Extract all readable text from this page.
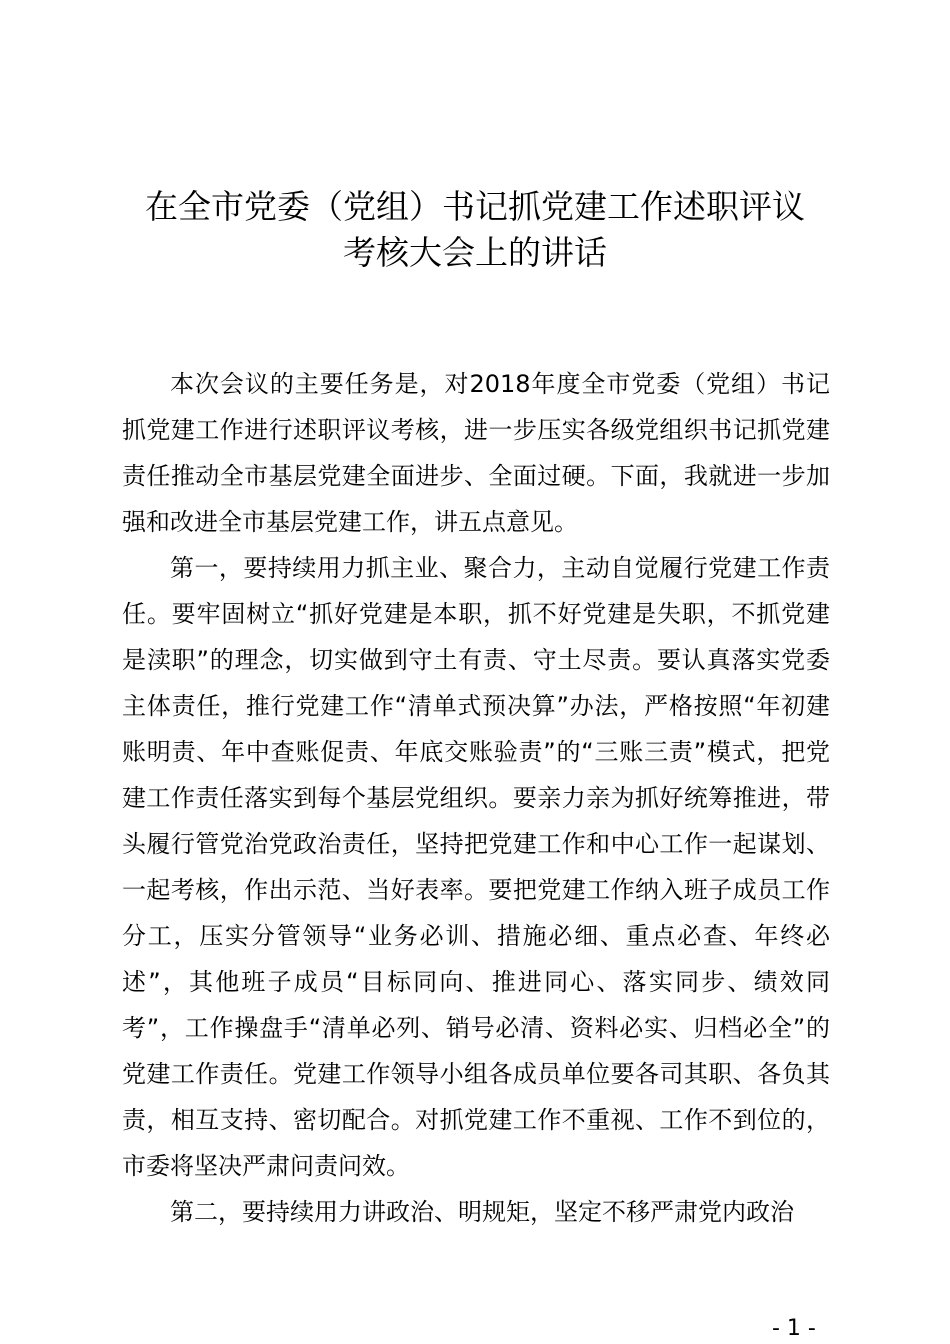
在全市党委（党组）书记抓党建工作述职评议
考核大会上的讲话

本次会议的主要任务是，对2018年度全市党委（党组）书记抓党建工作进行述职评议考核，进一步压实各级党组织书记抓党建责任推动全市基层党建全面进步、全面过硬。下面，我就进一步加强和改进全市基层党建工作，讲五点意见。

第一，要持续用力抓主业、聚合力，主动自觉履行党建工作责任。要牢固树立“抓好党建是本职，抓不好党建是失职，不抓党建是渎职”的理念，切实做到守土有责、守土尽责。要认真落实党委主体责任，推行党建工作“清单式预决算”办法，严格按照“年初建账明责、年中查账促责、年底交账验责”的“三账三责”模式，把党建工作责任落实到每个基层党组织。要亲力亲为抓好统筹推进，带头履行管党治党政治责任，坚持把党建工作和中心工作一起谋划、一起考核，作出示范、当好表率。要把党建工作纳入班子成员工作分工，压实分管领导“业务必训、措施必细、重点必查、年终必述”，其他班子成员“目标同向、推进同心、落实同步、绩效同考”，工作操盘手“清单必列、销号必清、资料必实、归档必全”的党建工作责任。党建工作领导小组各成员单位要各司其职、各负其责，相互支持、密切配合。对抓党建工作不重视、工作不到位的，市委将坚决严肃问责问效。

第二，要持续用力讲政治、明规矩，坚定不移严肃党内政治

- 1 -
